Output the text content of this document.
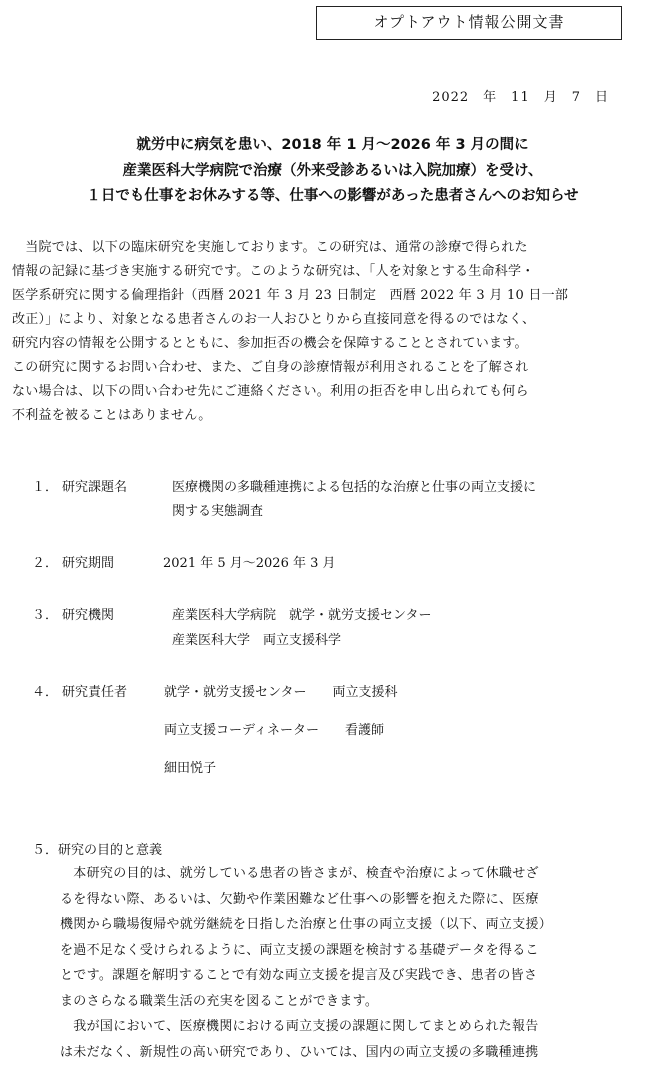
オプトアウト情報公開文書
2022　年　11　月　7　日
就労中に病気を患い、2018 年 1 月〜2026 年 3 月の間に
産業医科大学病院で治療（外来受診あるいは入院加療）を受け、
１日でも仕事をお休みする等、仕事への影響があった患者さんへのお知らせ
　当院では、以下の臨床研究を実施しております。この研究は、通常の診療で得られた
情報の記録に基づき実施する研究です。このような研究は、「人を対象とする生命科学・
医学系研究に関する倫理指針（西暦 2021 年 3 月 23 日制定　西暦 2022 年 3 月 10 日一部
改正）」により、対象となる患者さんのお一人おひとりから直接同意を得るのではなく、
研究内容の情報を公開するとともに、参加拒否の機会を保障することとされています。
この研究に関するお問い合わせ、また、ご自身の診療情報が利用されることを了解され
ない場合は、以下の問い合わせ先にご連絡ください。利用の拒否を申し出られても何ら
不利益を被ることはありません。
１． 研究課題名	医療機関の多職種連携による包括的な治療と仕事の両立支援に
関する実態調査
２． 研究期間	2021 年 5 月〜2026 年 3 月
３． 研究機関	産業医科大学病院　就学・就労支援センター
産業医科大学　両立支援科学
４． 研究責任者	就学・就労支援センター　　両立支援科
両立支援コーディネーター　　看護師
細田悦子
５．研究の目的と意義
　本研究の目的は、就労している患者の皆さまが、検査や治療によって休職せざ
るを得ない際、あるいは、欠勤や作業困難など仕事への影響を抱えた際に、医療
機関から職場復帰や就労継続を日指した治療と仕事の両立支援（以下、両立支援）
を過不足なく受けられるように、両立支援の課題を検討する基礎データを得るこ
とです。課題を解明することで有効な両立支援を提言及び実践でき、患者の皆さ
まのさらなる職業生活の充実を図ることができます。
　我が国において、医療機関における両立支援の課題に関してまとめられた報告
は未だなく、新規性の高い研究であり、ひいては、国内の両立支援の多職種連携
